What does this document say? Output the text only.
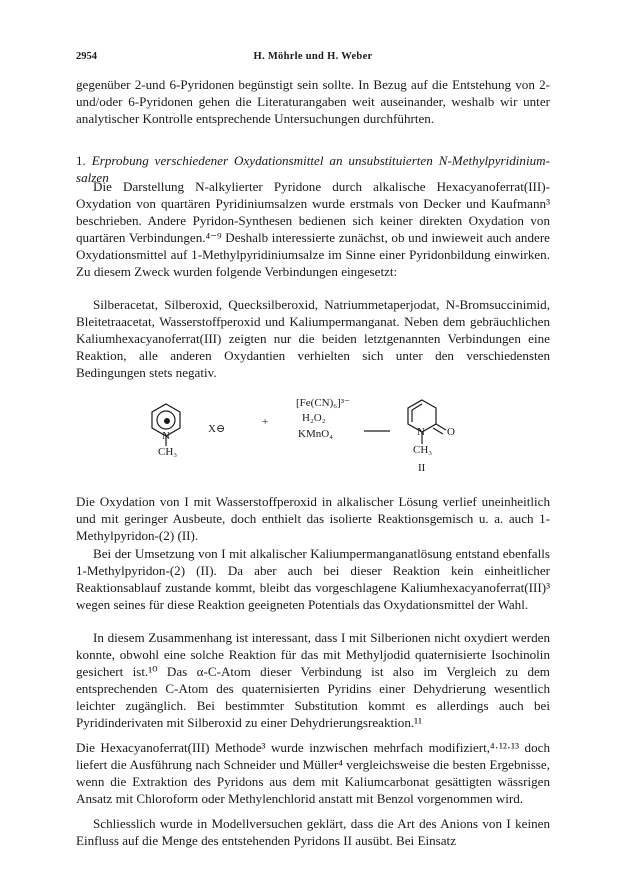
2954	H. Möhrle und H. Weber

gegenüber 2-und 6-Pyridonen begünstigt sein sollte. In Bezug auf die Entstehung von 2- und/oder 6-Pyridonen gehen die Literaturangaben weit auseinander, weshalb wir unter analytischer Kontrolle entsprechende Untersuchungen durchführten.

1. Erprobung verschiedener Oxydationsmittel an unsubstituierten N-Methylpyridinium-salzen

Die Darstellung N-alkylierter Pyridone durch alkalische Hexacyanoferrat(III)-Oxydation von quartären Pyridiniumsalzen wurde erstmals von Decker und Kaufmann³ beschrieben. Andere Pyridon-Synthesen bedienen sich keiner direkten Oxydation von quartären Verbindungen.⁴⁻⁹ Deshalb interessierte zunächst, ob und inwieweit auch andere Oxydationsmittel auf 1-Methylpyridiniumsalze im Sinne einer Pyridonbildung einwirken. Zu diesem Zweck wurden folgende Verbindungen eingesetzt:

Silberacetat, Silberoxid, Quecksilberoxid, Natriummetaperjodat, N-Bromsuccinimid, Bleitetraacetat, Wasserstoffperoxid und Kaliumpermanganat. Neben dem gebräuchlichen Kaliumhexacyanoferrat(III) zeigten nur die beiden letztgenannten Verbindungen eine Reaktion, alle anderen Oxydantien verhielten sich unter den verschiedensten Bedingungen stets negativ.

N
CH₃
X⊖
+
[Fe(CN)₆]³⁻
H₂O₂
KMnO₄	N O
CH₃
II

Die Oxydation von I mit Wasserstoffperoxid in alkalischer Lösung verlief uneinheitlich und mit geringer Ausbeute, doch enthielt das isolierte Reaktionsgemisch u. a. auch 1-Methylpyridon-(2) (II).

Bei der Umsetzung von I mit alkalischer Kaliumpermanganatlösung entstand ebenfalls 1-Methylpyridon-(2) (II). Da aber auch bei dieser Reaktion kein einheitlicher Reaktionsablauf zustande kommt, bleibt das vorgeschlagene Kaliumhexacyanoferrat(III)³ wegen seines für diese Reaktion geeigneten Potentials das Oxydationsmittel der Wahl.

In diesem Zusammenhang ist interessant, dass I mit Silberionen nicht oxydiert werden konnte, obwohl eine solche Reaktion für das mit Methyljodid quaternisierte Isochinolin gesichert ist.¹⁰ Das α-C-Atom dieser Verbindung ist also im Vergleich zu dem entsprechenden C-Atom des quaternisierten Pyridins einer Dehydrierung wesentlich leichter zugänglich. Bei bestimmter Substitution kommt es allerdings auch bei Pyridinderivaten mit Silberoxid zu einer Dehydrierungsreaktion.¹¹

Die Hexacyanoferrat(III) Methode³ wurde inzwischen mehrfach modifiziert,⁴·¹²·¹³ doch liefert die Ausführung nach Schneider und Müller⁴ vergleichsweise die besten Ergebnisse, wenn die Extraktion des Pyridons aus dem mit Kaliumcarbonat gesättigten wässrigen Ansatz mit Chloroform oder Methylenchlorid anstatt mit Benzol vorgenommen wird.

Schliesslich wurde in Modellversuchen geklärt, dass die Art des Anions von I keinen Einfluss auf die Menge des entstehenden Pyridons II ausübt. Bei Einsatz
